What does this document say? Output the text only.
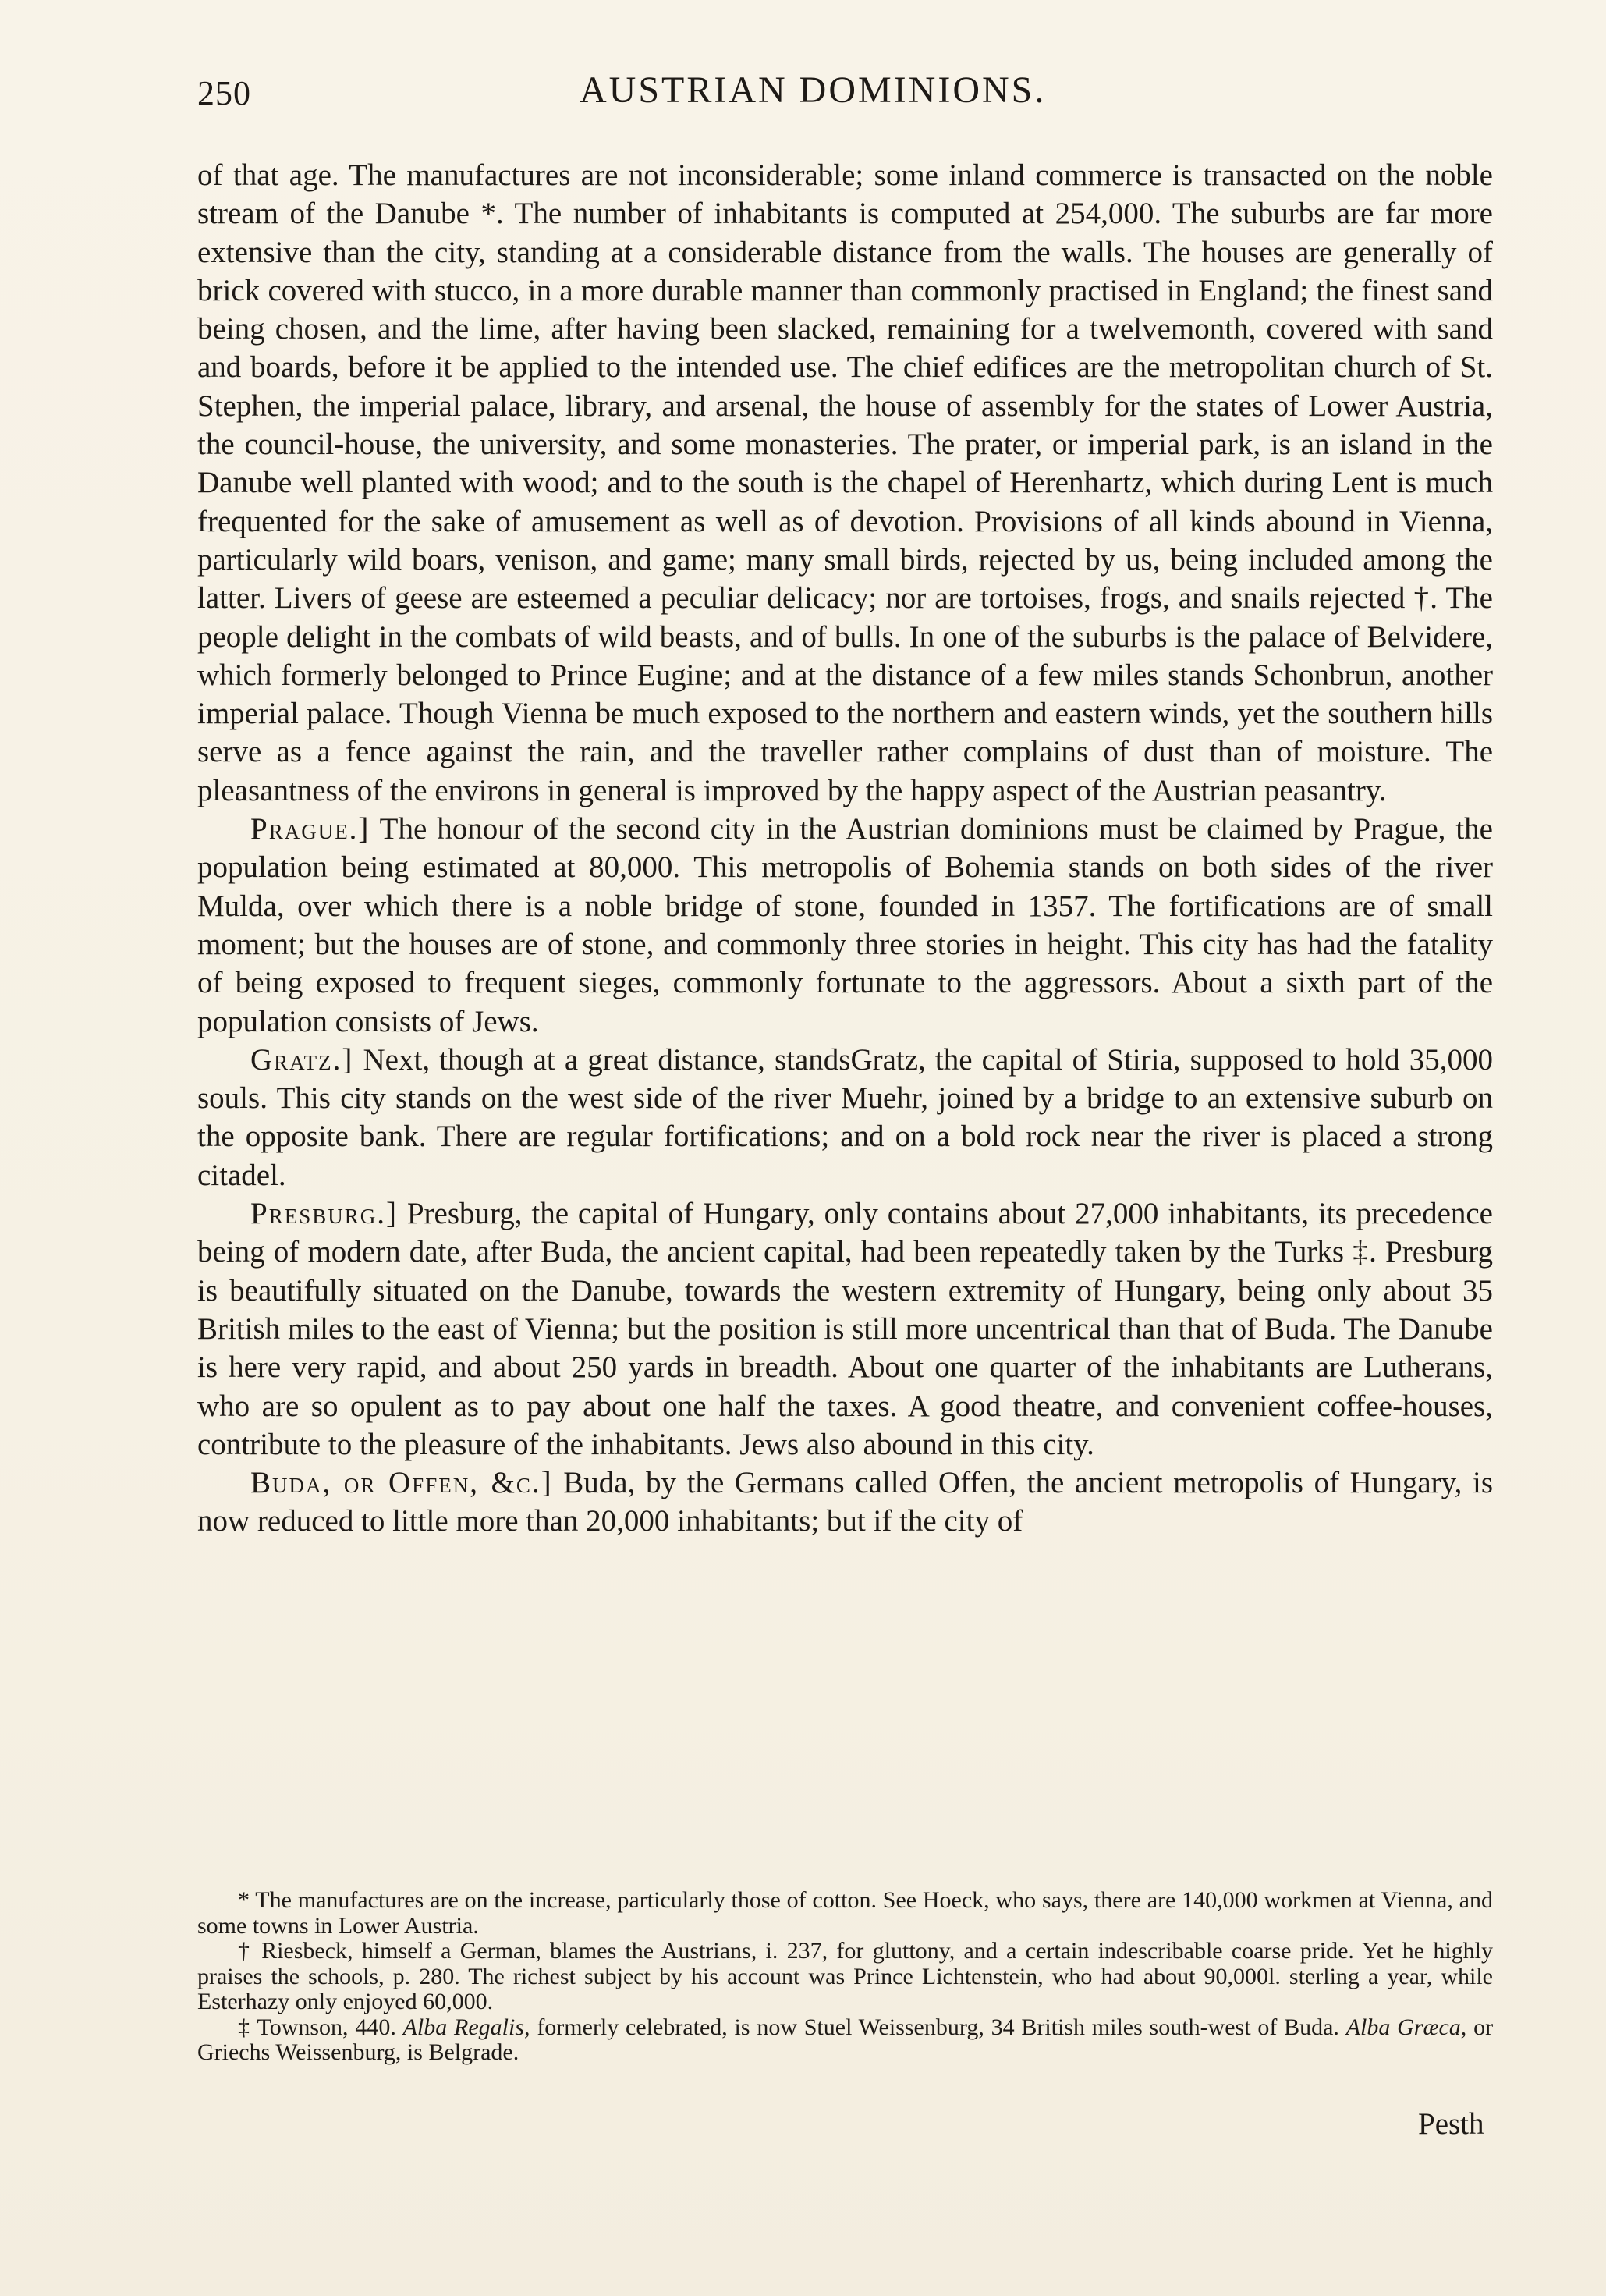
250	AUSTRIAN DOMINIONS.

of that age. The manufactures are not inconsiderable; some inland commerce is transacted on the noble stream of the Danube *. The number of inhabitants is computed at 254,000. The suburbs are far more extensive than the city, standing at a considerable distance from the walls. The houses are generally of brick covered with stucco, in a more durable manner than commonly practised in England; the finest sand being chosen, and the lime, after having been slacked, remaining for a twelvemonth, covered with sand and boards, before it be applied to the intended use. The chief edifices are the metropolitan church of St. Stephen, the imperial palace, library, and arsenal, the house of assembly for the states of Lower Austria, the council-house, the university, and some monasteries. The prater, or imperial park, is an island in the Danube well planted with wood; and to the south is the chapel of Herenhartz, which during Lent is much frequented for the sake of amusement as well as of devotion. Provisions of all kinds abound in Vienna, particularly wild boars, venison, and game; many small birds, rejected by us, being included among the latter. Livers of geese are esteemed a peculiar delicacy; nor are tortoises, frogs, and snails rejected †. The people delight in the combats of wild beasts, and of bulls. In one of the suburbs is the palace of Belvidere, which formerly belonged to Prince Eugine; and at the distance of a few miles stands Schonbrun, another imperial palace. Though Vienna be much exposed to the northern and eastern winds, yet the southern hills serve as a fence against the rain, and the traveller rather complains of dust than of moisture. The pleasantness of the environs in general is improved by the happy aspect of the Austrian peasantry.

Prague.] The honour of the second city in the Austrian dominions must be claimed by Prague, the population being estimated at 80,000. This metropolis of Bohemia stands on both sides of the river Mulda, over which there is a noble bridge of stone, founded in 1357. The fortifications are of small moment; but the houses are of stone, and commonly three stories in height. This city has had the fatality of being exposed to frequent sieges, commonly fortunate to the aggressors. About a sixth part of the population consists of Jews.

Gratz.] Next, though at a great distance, standsGratz, the capital of Stiria, supposed to hold 35,000 souls. This city stands on the west side of the river Muehr, joined by a bridge to an extensive suburb on the opposite bank. There are regular fortifications; and on a bold rock near the river is placed a strong citadel.

Presburg.] Presburg, the capital of Hungary, only contains about 27,000 inhabitants, its precedence being of modern date, after Buda, the ancient capital, had been repeatedly taken by the Turks ‡. Presburg is beautifully situated on the Danube, towards the western extremity of Hungary, being only about 35 British miles to the east of Vienna; but the position is still more uncentrical than that of Buda. The Danube is here very rapid, and about 250 yards in breadth. About one quarter of the inhabitants are Lutherans, who are so opulent as to pay about one half the taxes. A good theatre, and convenient coffee-houses, contribute to the pleasure of the inhabitants. Jews also abound in this city.

Buda, or Offen, &c.] Buda, by the Germans called Offen, the ancient metropolis of Hungary, is now reduced to little more than 20,000 inhabitants; but if the city of

* The manufactures are on the increase, particularly those of cotton. See Hoeck, who says, there are 140,000 workmen at Vienna, and some towns in Lower Austria.

† Riesbeck, himself a German, blames the Austrians, i. 237, for gluttony, and a certain indescribable coarse pride. Yet he highly praises the schools, p. 280. The richest subject by his account was Prince Lichtenstein, who had about 90,000l. sterling a year, while Esterhazy only enjoyed 60,000.

‡ Townson, 440. Alba Regalis, formerly celebrated, is now Stuel Weissenburg, 34 British miles south-west of Buda. Alba Græca, or Griechs Weissenburg, is Belgrade.

Pesth
